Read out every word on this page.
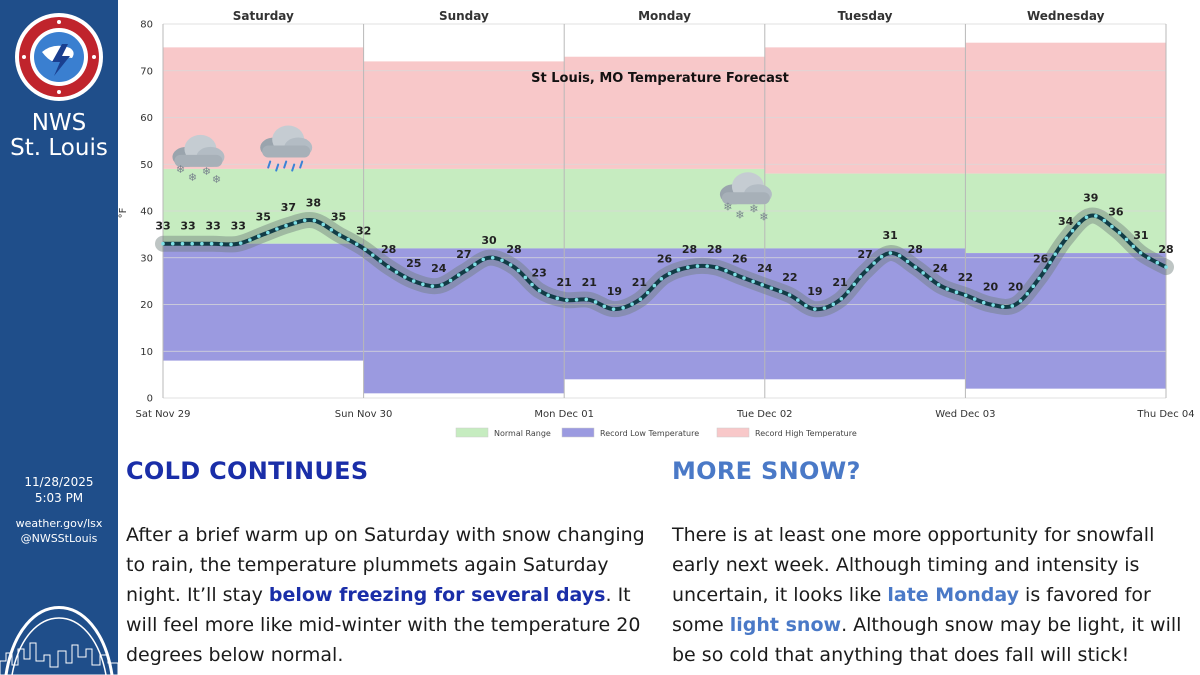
NWS
St. Louis
11/28/2025
5:03 PM
weather.gov/lsx
@NWSStLouis
0
10
20
30
40
50
60
70
80
Sat Nov 29	Sun Nov 30	Mon Dec 01	Tue Dec 02	Wed Dec 03	Thu Dec 04
Saturday	Sunday	Monday	Tuesday	Wednesday
❄
❄ ❄
❄
❄
❄ ❄
❄
33 33 33 33
35
37 38
35
32
28
25 24
27
30
28
23
21 21
19
21
26
28 28
26
24
22
19
21
27
31
28
24
22
20 20
26
34
39
36
31
28
St Louis, MO Temperature Forecast
°F
Normal Range	Record Low Temperature	Record High Temperature
COLD CONTINUES
After a brief warm up on Saturday with snow changing to rain, the temperature plummets again Saturday night. It’ll stay below freezing for several days. It will feel more like mid-winter with the temperature 20 degrees below normal.
MORE SNOW?
There is at least one more opportunity for snowfall early next week. Although timing and intensity is uncertain, it looks like late Monday is favored for some light snow. Although snow may be light, it will be so cold that anything that does fall will stick!
